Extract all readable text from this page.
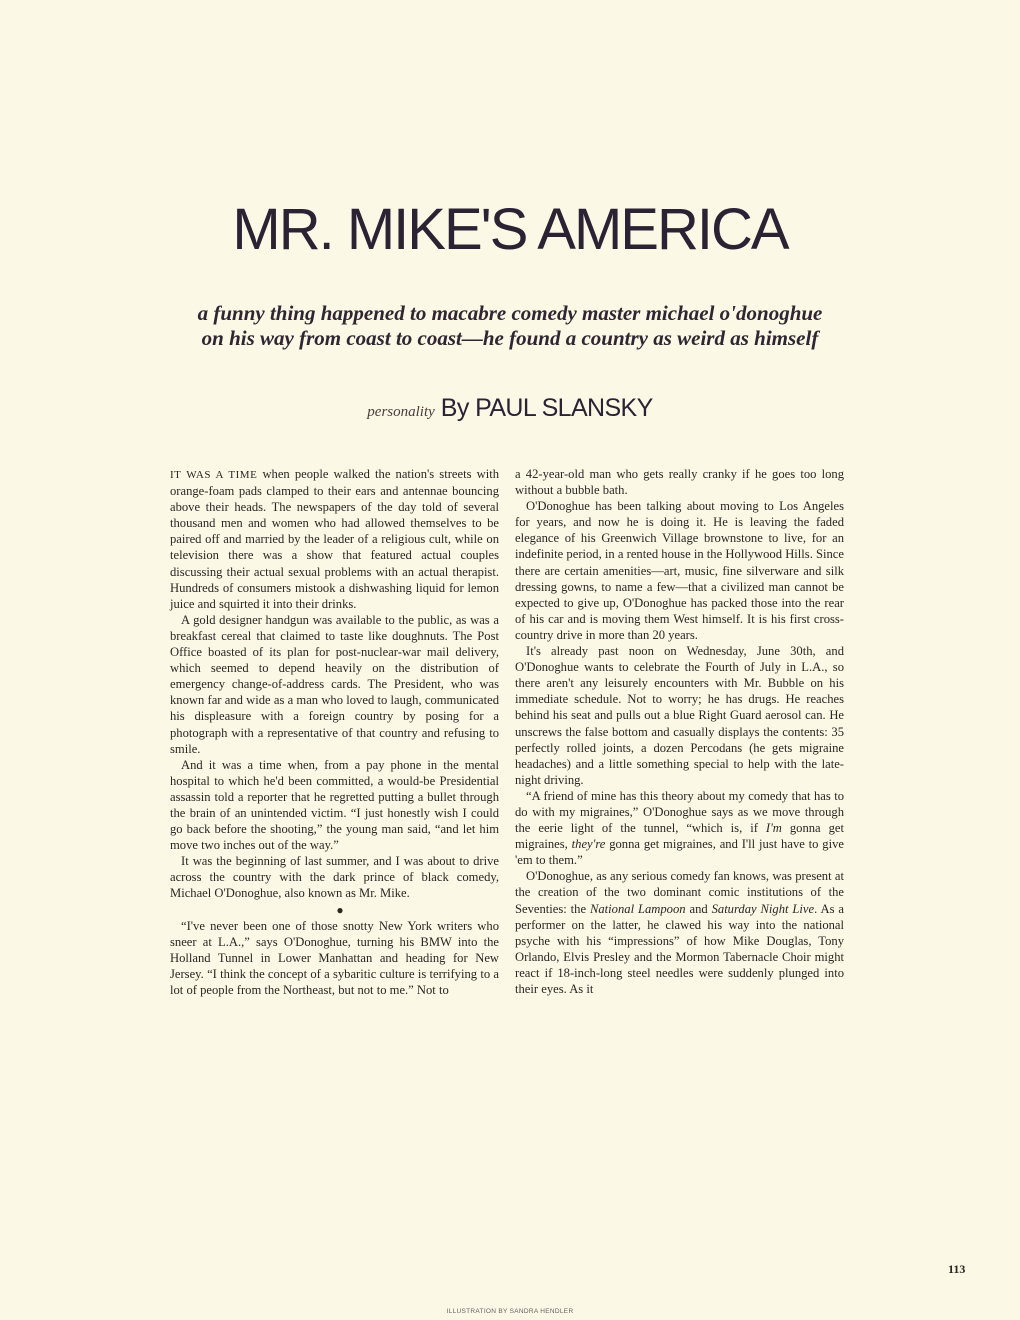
MR. MIKE'S AMERICA
a funny thing happened to macabre comedy master michael o'donoghue
on his way from coast to coast—he found a country as weird as himself
personality By PAUL SLANSKY

IT WAS A TIME when people walked the nation's streets with orange-foam pads clamped to their ears and antennae bouncing above their heads. The newspapers of the day told of several thousand men and women who had allowed themselves to be paired off and married by the leader of a religious cult, while on television there was a show that featured actual couples discussing their actual sexual problems with an actual therapist. Hundreds of consumers mistook a dishwashing liquid for lemon juice and squirted it into their drinks.

A gold designer handgun was available to the public, as was a breakfast cereal that claimed to taste like doughnuts. The Post Office boasted of its plan for post-nuclear-war mail delivery, which seemed to depend heavily on the distribution of emergency change-of-address cards. The President, who was known far and wide as a man who loved to laugh, communicated his displeasure with a foreign country by posing for a photograph with a representative of that country and refusing to smile.

And it was a time when, from a pay phone in the mental hospital to which he'd been committed, a would-be Presidential assassin told a reporter that he regretted putting a bullet through the brain of an unintended victim. “I just honestly wish I could go back before the shooting,” the young man said, “and let him move two inches out of the way.”

It was the beginning of last summer, and I was about to drive across the country with the dark prince of black comedy, Michael O'Donoghue, also known as Mr. Mike.

●

“I've never been one of those snotty New York writers who sneer at L.A.,” says O'Donoghue, turning his BMW into the Holland Tunnel in Lower Manhattan and heading for New Jersey. “I think the concept of a sybaritic culture is terrifying to a lot of people from the Northeast, but not to me.” Not to

a 42-year-old man who gets really cranky if he goes too long without a bubble bath.

O'Donoghue has been talking about moving to Los Angeles for years, and now he is doing it. He is leaving the faded elegance of his Greenwich Village brownstone to live, for an indefinite period, in a rented house in the Hollywood Hills. Since there are certain amenities—art, music, fine silverware and silk dressing gowns, to name a few—that a civilized man cannot be expected to give up, O'Donoghue has packed those into the rear of his car and is moving them West himself. It is his first cross-country drive in more than 20 years.

It's already past noon on Wednesday, June 30th, and O'Donoghue wants to celebrate the Fourth of July in L.A., so there aren't any leisurely encounters with Mr. Bubble on his immediate schedule. Not to worry; he has drugs. He reaches behind his seat and pulls out a blue Right Guard aerosol can. He unscrews the false bottom and casually displays the contents: 35 perfectly rolled joints, a dozen Percodans (he gets migraine headaches) and a little something special to help with the late-night driving.

“A friend of mine has this theory about my comedy that has to do with my migraines,” O'Donoghue says as we move through the eerie light of the tunnel, “which is, if I'm gonna get migraines, they're gonna get migraines, and I'll just have to give 'em to them.”

O'Donoghue, as any serious comedy fan knows, was present at the creation of the two dominant comic institutions of the Seventies: the National Lampoon and Saturday Night Live. As a performer on the latter, he clawed his way into the national psyche with his “impressions” of how Mike Douglas, Tony Orlando, Elvis Presley and the Mormon Tabernacle Choir might react if 18-inch-long steel needles were suddenly plunged into their eyes. As it

113
ILLUSTRATION BY SANDRA HENDLER
